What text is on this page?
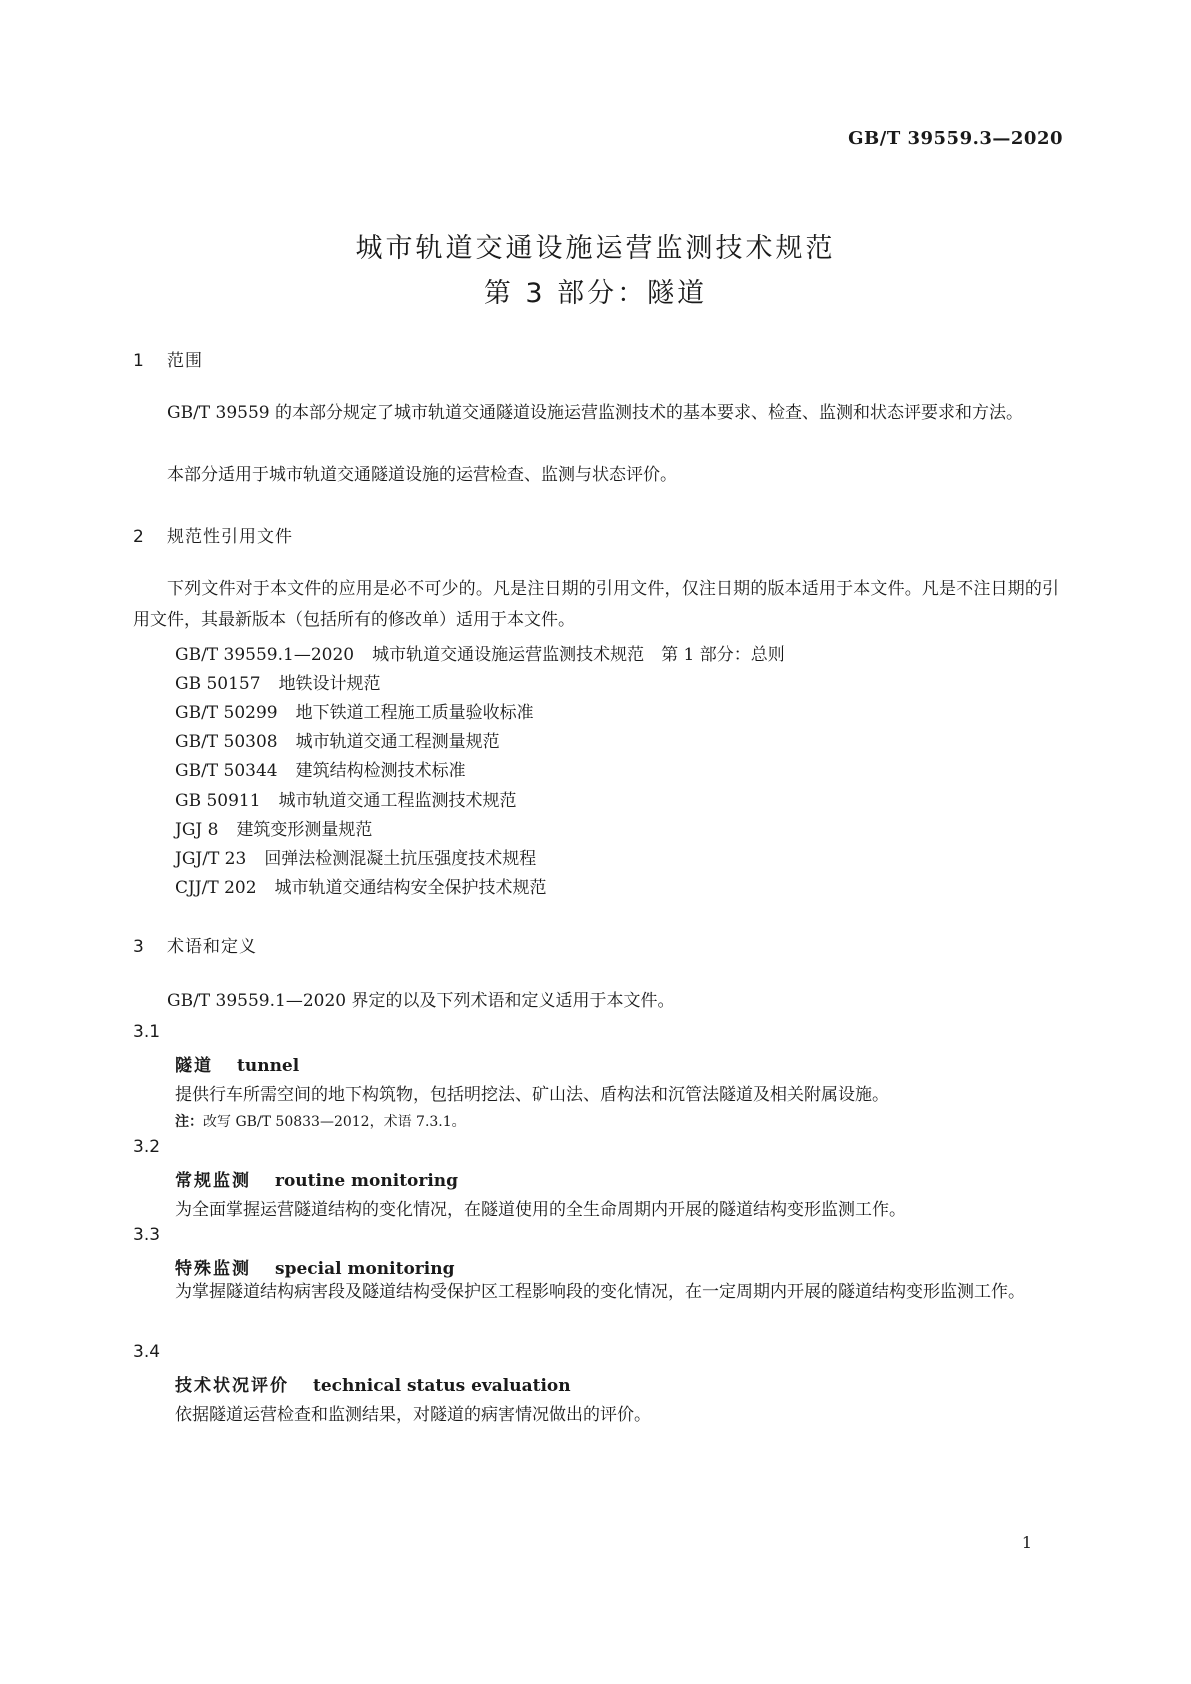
GB/T 39559.3—2020
城市轨道交通设施运营监测技术规范
第 3 部分：隧道
1 范围
GB/T 39559 的本部分规定了城市轨道交通隧道设施运营监测技术的基本要求、检查、监测和状态评要求和方法。
本部分适用于城市轨道交通隧道设施的运营检查、监测与状态评价。
2 规范性引用文件
下列文件对于本文件的应用是必不可少的。凡是注日期的引用文件，仅注日期的版本适用于本文件。凡是不注日期的引用文件，其最新版本（包括所有的修改单）适用于本文件。
GB/T 39559.1—2020 城市轨道交通设施运营监测技术规范　第 1 部分：总则
GB 50157 地铁设计规范
GB/T 50299 地下铁道工程施工质量验收标准
GB/T 50308 城市轨道交通工程测量规范
GB/T 50344 建筑结构检测技术标准
GB 50911 城市轨道交通工程监测技术规范
JGJ 8 建筑变形测量规范
JGJ/T 23 回弹法检测混凝土抗压强度技术规程
CJJ/T 202 城市轨道交通结构安全保护技术规范
3 术语和定义
GB/T 39559.1—2020 界定的以及下列术语和定义适用于本文件。
3.1
隧道 tunnel
提供行车所需空间的地下构筑物，包括明挖法、矿山法、盾构法和沉管法隧道及相关附属设施。
注：改写 GB/T 50833—2012，术语 7.3.1。
3.2
常规监测 routine monitoring
为全面掌握运营隧道结构的变化情况，在隧道使用的全生命周期内开展的隧道结构变形监测工作。
3.3
特殊监测 special monitoring
为掌握隧道结构病害段及隧道结构受保护区工程影响段的变化情况，在一定周期内开展的隧道结构变形监测工作。
3.4
技术状况评价 technical status evaluation
依据隧道运营检查和监测结果，对隧道的病害情况做出的评价。
1
